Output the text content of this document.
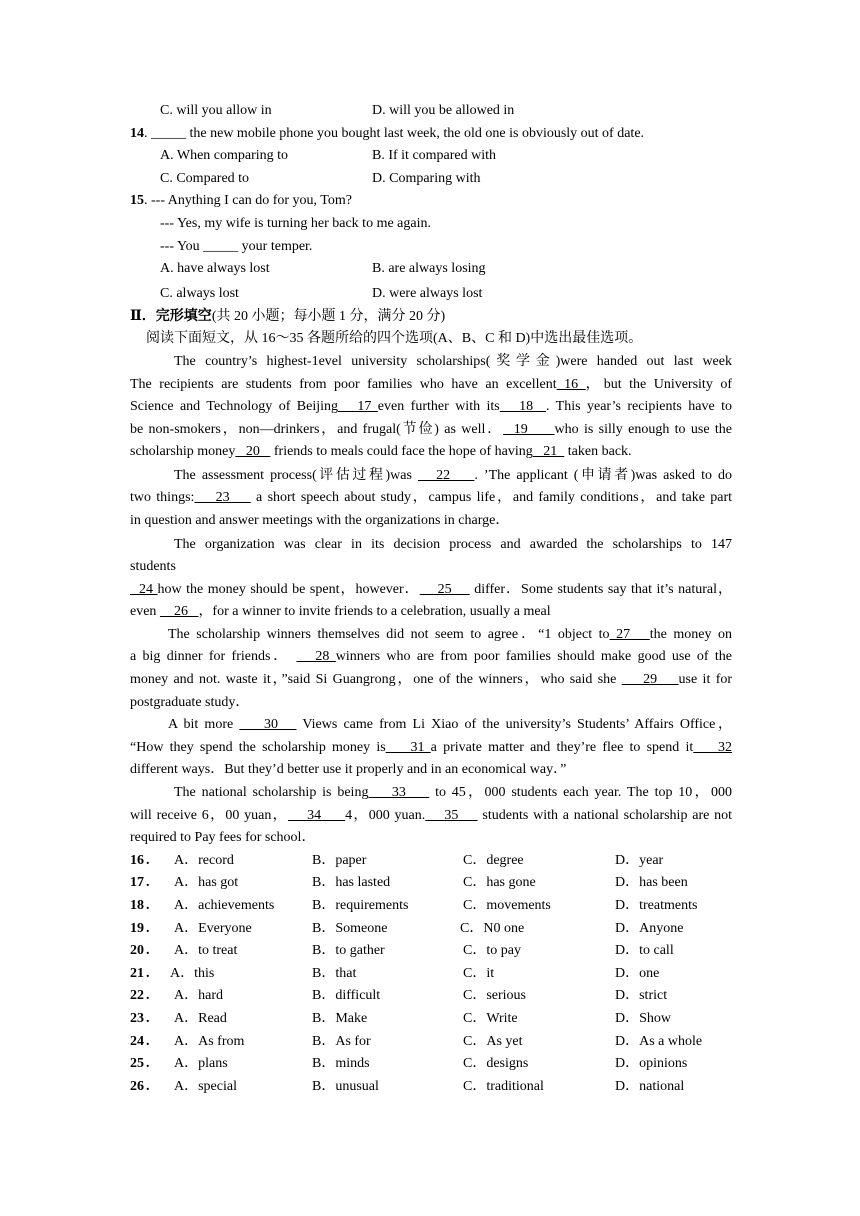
C. will you allow in	D. will you be allowed in
14. _____ the new mobile phone you bought last week, the old one is obviously out of date.
A. When comparing to	B. If it compared with
C. Compared to	D. Comparing with
15. --- Anything I can do for you, Tom?
--- Yes, my wife is turning her back to me again.
--- You _____ your temper.
A. have always lost	B. are always losing
C. always lost	D. were always lost
Ⅱ．完形填空(共 20 小题；每小题 1 分，满分 20 分)
阅读下面短文，从 16～35 各题所给的四个选项(A、B、C 和 D)中选出最佳选项。
The country’s highest-1evel university scholarships(奖学金)were handed out last week
The recipients are students from poor families who have an excellent 16 ，but the University of
Science and Technology of Beijing   17 even further with its   18  . This year’s recipients have to
be non-smokers，non—drinkers，and frugal(节俭) as well．  19     who is silly enough to use the
scholarship money   20    friends to meals could face the hope of having   21   taken back.
The assessment process(评估过程)was    22    . ’The applicant (申请者)was asked to do
two things:    23     a short speech about study，campus life，and family conditions，and take part
in question and answer meetings with the organizations in charge．
The organization was clear in its decision process and awarded the scholarships to 147
students
24 how the money should be spent，however．    25     differ．Some students say that it’s natural，
even     26   ，for a winner to invite friends to a celebration, usually a meal
The scholarship winners themselves did not seem to agree．“1 object to 27   the money on
a big dinner for friends．    28 winners who are from poor families should make good use of the
money and not. waste it，”said Si Guangrong，one of the winners，who said she     29    use it for
postgraduate study．
A bit more     30    Views came from Li Xiao of the university’s Students’ Affairs Office，
“How they spend the scholarship money is    31 a private matter and they’re flee to spend it    32
different ways．But they’d better use it properly and in an economical way．”
The national scholarship is being    33     to 45，000 students each year. The top 10，000
will receive 6，00 yuan，    34     4，000 yuan.    35     students with a national scholarship are not
required to Pay fees for school．
16 . A．record	B．paper	C．degree	D．year
17 . A．has got	B．has lasted	C．has gone	D．has been
18 . A．achievements	B．requirements	C．movements	D．treatments
19 . A．Everyone	B．Someone	C．N0 one	D．Anyone
20 . A．to treat	B．to gather	C．to pay	D．to call
21 . A．this	B．that	C．it	D．one
22 . A．hard	B．difficult	C．serious	D．strict
23 . A．Read	B．Make	C．Write	D．Show
24 . A．As from	B．As for	C．As yet	D．As a whole
25 . A．plans	B．minds	C．designs	D．opinions
26 . A．special	B．unusual	C．traditional	D．national
